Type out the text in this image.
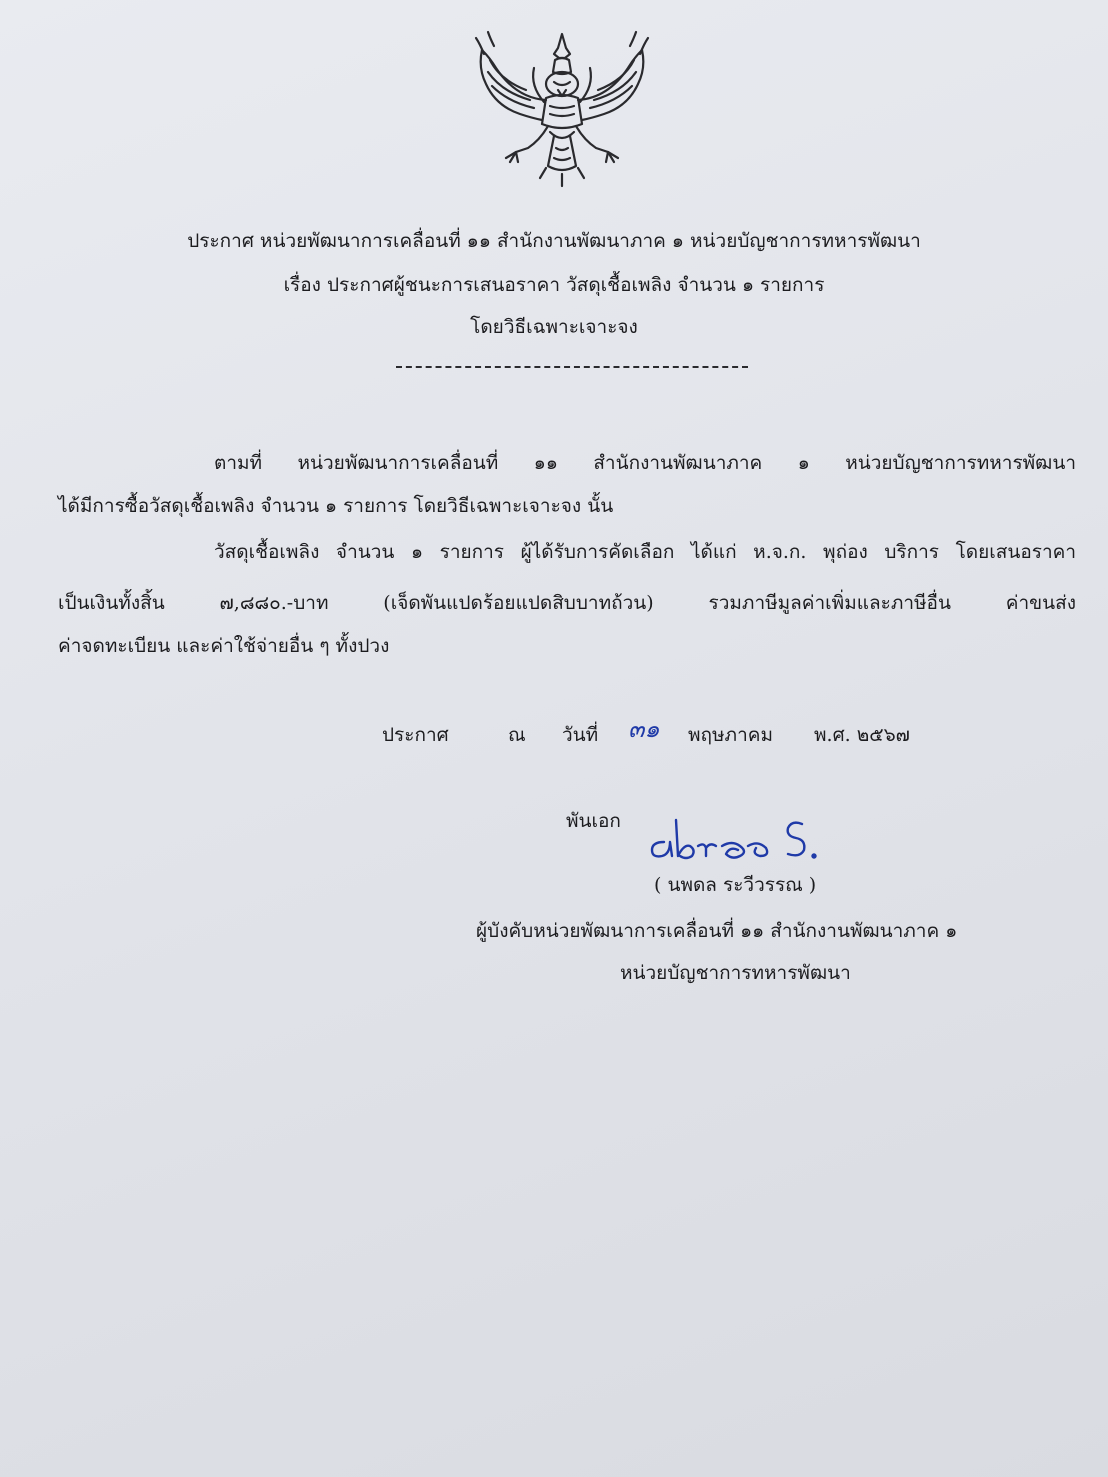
ประกาศ หน่วยพัฒนาการเคลื่อนที่ ๑๑ สำนักงานพัฒนาภาค ๑ หน่วยบัญชาการทหารพัฒนา
เรื่อง ประกาศผู้ชนะการเสนอราคา วัสดุเชื้อเพลิง จำนวน ๑ รายการ
โดยวิธีเฉพาะเจาะจง
ตามที่ หน่วยพัฒนาการเคลื่อนที่ ๑๑ สำนักงานพัฒนาภาค ๑ หน่วยบัญชาการทหารพัฒนา
ได้มีการซื้อวัสดุเชื้อเพลิง จำนวน ๑ รายการ โดยวิธีเฉพาะเจาะจง นั้น
วัสดุเชื้อเพลิง จำนวน ๑ รายการ ผู้ได้รับการคัดเลือก ได้แก่ ห.จ.ก. พุถ่อง บริการ โดยเสนอราคา
เป็นเงินทั้งสิ้น ๗,๘๘๐.-บาท (เจ็ดพันแปดร้อยแปดสิบบาทถ้วน) รวมภาษีมูลค่าเพิ่มและภาษีอื่น ค่าขนส่ง
ค่าจดทะเบียน และค่าใช้จ่ายอื่น ๆ ทั้งปวง
ประกาศ	ณ วันที่ ๓๑ พฤษภาคม พ.ศ. ๒๕๖๗
พันเอก
( นพดล ระวีวรรณ )
ผู้บังคับหน่วยพัฒนาการเคลื่อนที่ ๑๑ สำนักงานพัฒนาภาค ๑
หน่วยบัญชาการทหารพัฒนา
